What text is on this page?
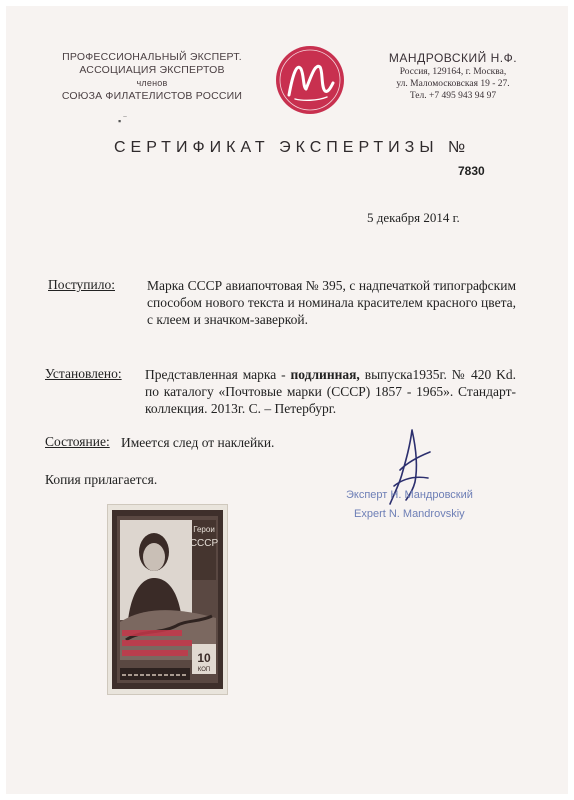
ПРОФЕССИОНАЛЬНЫЙ ЭКСПЕРТ.
АССОЦИАЦИЯ ЭКСПЕРТОВ
членов
СОЮЗА ФИЛАТЕЛИСТОВ РОССИИ
МАНДРОВСКИЙ Н.Ф.
Россия, 129164, г. Москва,
ул. Маломосковская 19 - 27.
Тел. +7 495 943 94 97
▪ ‾
СЕРТИФИКАТ ЭКСПЕРТИЗЫ №
7830
5 декабря 2014 г.
Поступило: Марка СССР авиапочтовая № 395, с надпечаткой типографским способом нового текста и номинала красителем красного цвета, с клеем и значком-заверкой.
Установлено: Представленная марка - подлинная, выпуска1935г. № 420 Kd. по каталогу «Почтовые марки (СССР) 1857 - 1965». Стандарт-коллекция. 2013г. С. – Петербург.
Состояние: Имеется след от наклейки.
Копия прилагается.
Эксперт Н. Мандровский
Expert N. Mandrovskiy
Герои
СССР
10
КОП
